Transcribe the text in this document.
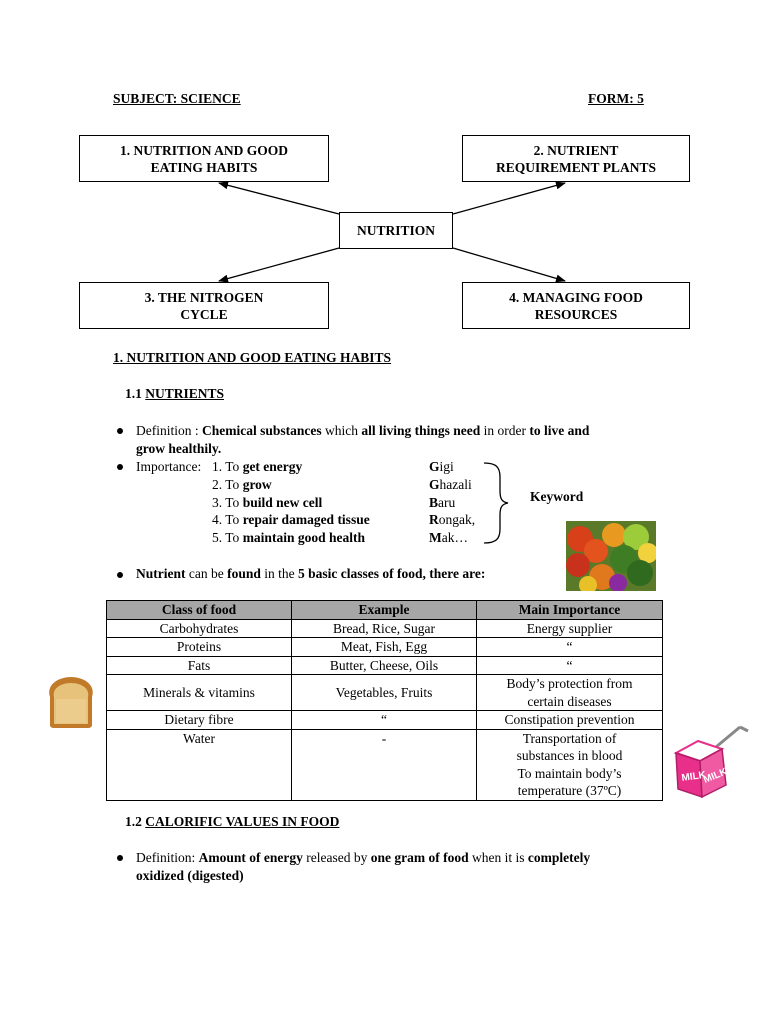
SUBJECT: SCIENCE	FORM: 5
1. NUTRITION AND GOOD
EATING HABITS
2. NUTRIENT
REQUIREMENT PLANTS
3. THE NITROGEN
CYCLE
4. MANAGING FOOD
RESOURCES
NUTRITION
1. NUTRITION AND GOOD EATING HABITS
1.1 NUTRIENTS
Definition : Chemical substances which all living things need in order to live and
grow healthily.
Importance: 1. To get energy
2. To grow
3. To build new cell
4. To repair damaged tissue
5. To maintain good health
Gigi
Ghazali
Baru
Rongak,
Mak…
Keyword
Nutrient can be found in the 5 basic classes of food, there are:
Class of food	Example	Main Importance
Carbohydrates	Bread, Rice, Sugar	Energy supplier
Proteins	Meat, Fish, Egg	“
Fats	Butter, Cheese, Oils	“
Minerals & vitamins	Vegetables, Fruits	Body’s protection from
certain diseases
Dietary fibre	“	Constipation prevention
Water	-	Transportation of
substances in blood
To maintain body’s
temperature (37ºC)
MILK
MILK
1.2 CALORIFIC VALUES IN FOOD
Definition: Amount of energy released by one gram of food when it is completely
oxidized (digested)
